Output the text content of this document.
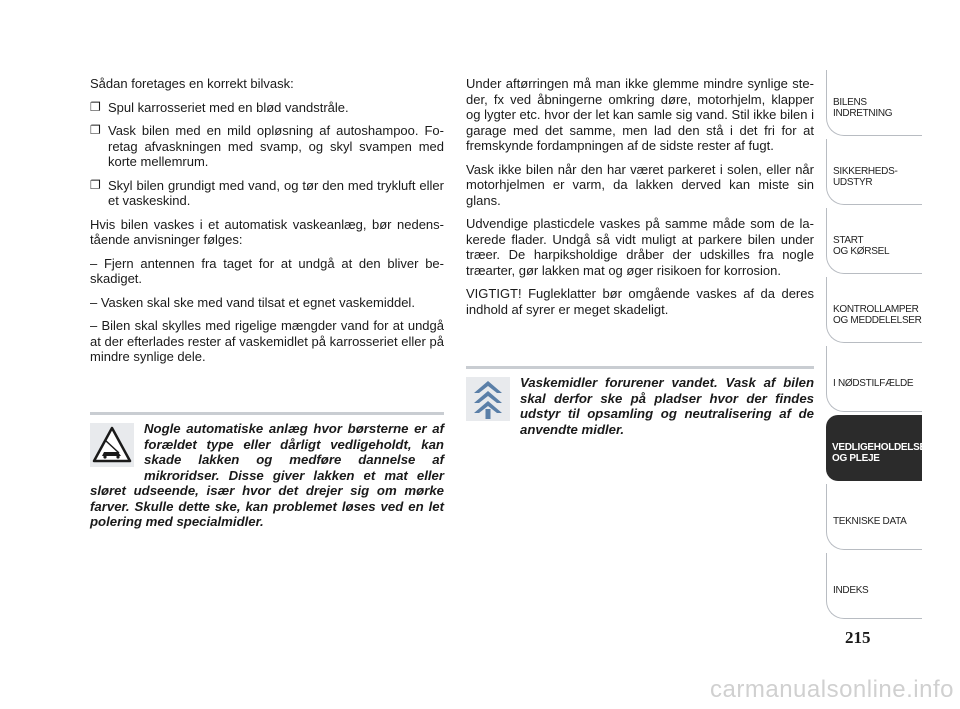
Sådan foretages en korrekt bilvask:

❐ Spul karrosseriet med en blød vandstråle.
❐ Vask bilen med en mild opløsning af autoshampoo. Foretag afvaskningen med svamp, og skyl svampen med korte mellemrum.
❐ Skyl bilen grundigt med vand, og tør den med trykluft eller et vaskeskind.

Hvis bilen vaskes i et automatisk vaskeanlæg, bør nedenstående anvisninger følges:

– Fjern antennen fra taget for at undgå at den bliver beskadiget.

– Vasken skal ske med vand tilsat et egnet vaskemiddel.

– Bilen skal skylles med rigelige mængder vand for at undgå at der efterlades rester af vaskemidlet på karrosseriet eller på mindre synlige dele.

Nogle automatiske anlæg hvor børsterne er af forældet type eller dårligt vedligeholdt, kan skade lakken og medføre dannelse af mikroridser. Disse giver lakken et mat eller sløret udseende, især hvor det drejer sig om mørke farver. Skulle dette ske, kan problemet løses ved en let polering med specialmidler.

Under aftørringen må man ikke glemme mindre synlige steder, fx ved åbningerne omkring døre, motorhjelm, klapper og lygter etc. hvor der let kan samle sig vand. Stil ikke bilen i garage med det samme, men lad den stå i det fri for at fremskynde fordampningen af de sidste rester af fugt.

Vask ikke bilen når den har været parkeret i solen, eller når motorhjelmen er varm, da lakken derved kan miste sin glans.

Udvendige plasticdele vaskes på samme måde som de lakerede flader. Undgå så vidt muligt at parkere bilen under træer. De harpiksholdige dråber der udskilles fra nogle træarter, gør lakken mat og øger risikoen for korrosion.

VIGTIGT! Fugleklatter bør omgående vaskes af da deres indhold af syrer er meget skadeligt.

Vaskemidler forurener vandet. Vask af bilen skal derfor ske på pladser hvor der findes udstyr til opsamling og neutralisering af de anvendte midler.

BILENS
INDRETNING
SIKKERHEDS-
UDSTYR
START
OG KØRSEL
KONTROLLAMPER
OG MEDDELELSER
I NØDSTILFÆLDE
VEDLIGEHOLDELSE
OG PLEJE
TEKNISKE DATA
INDEKS
215
carmanualsonline.info
